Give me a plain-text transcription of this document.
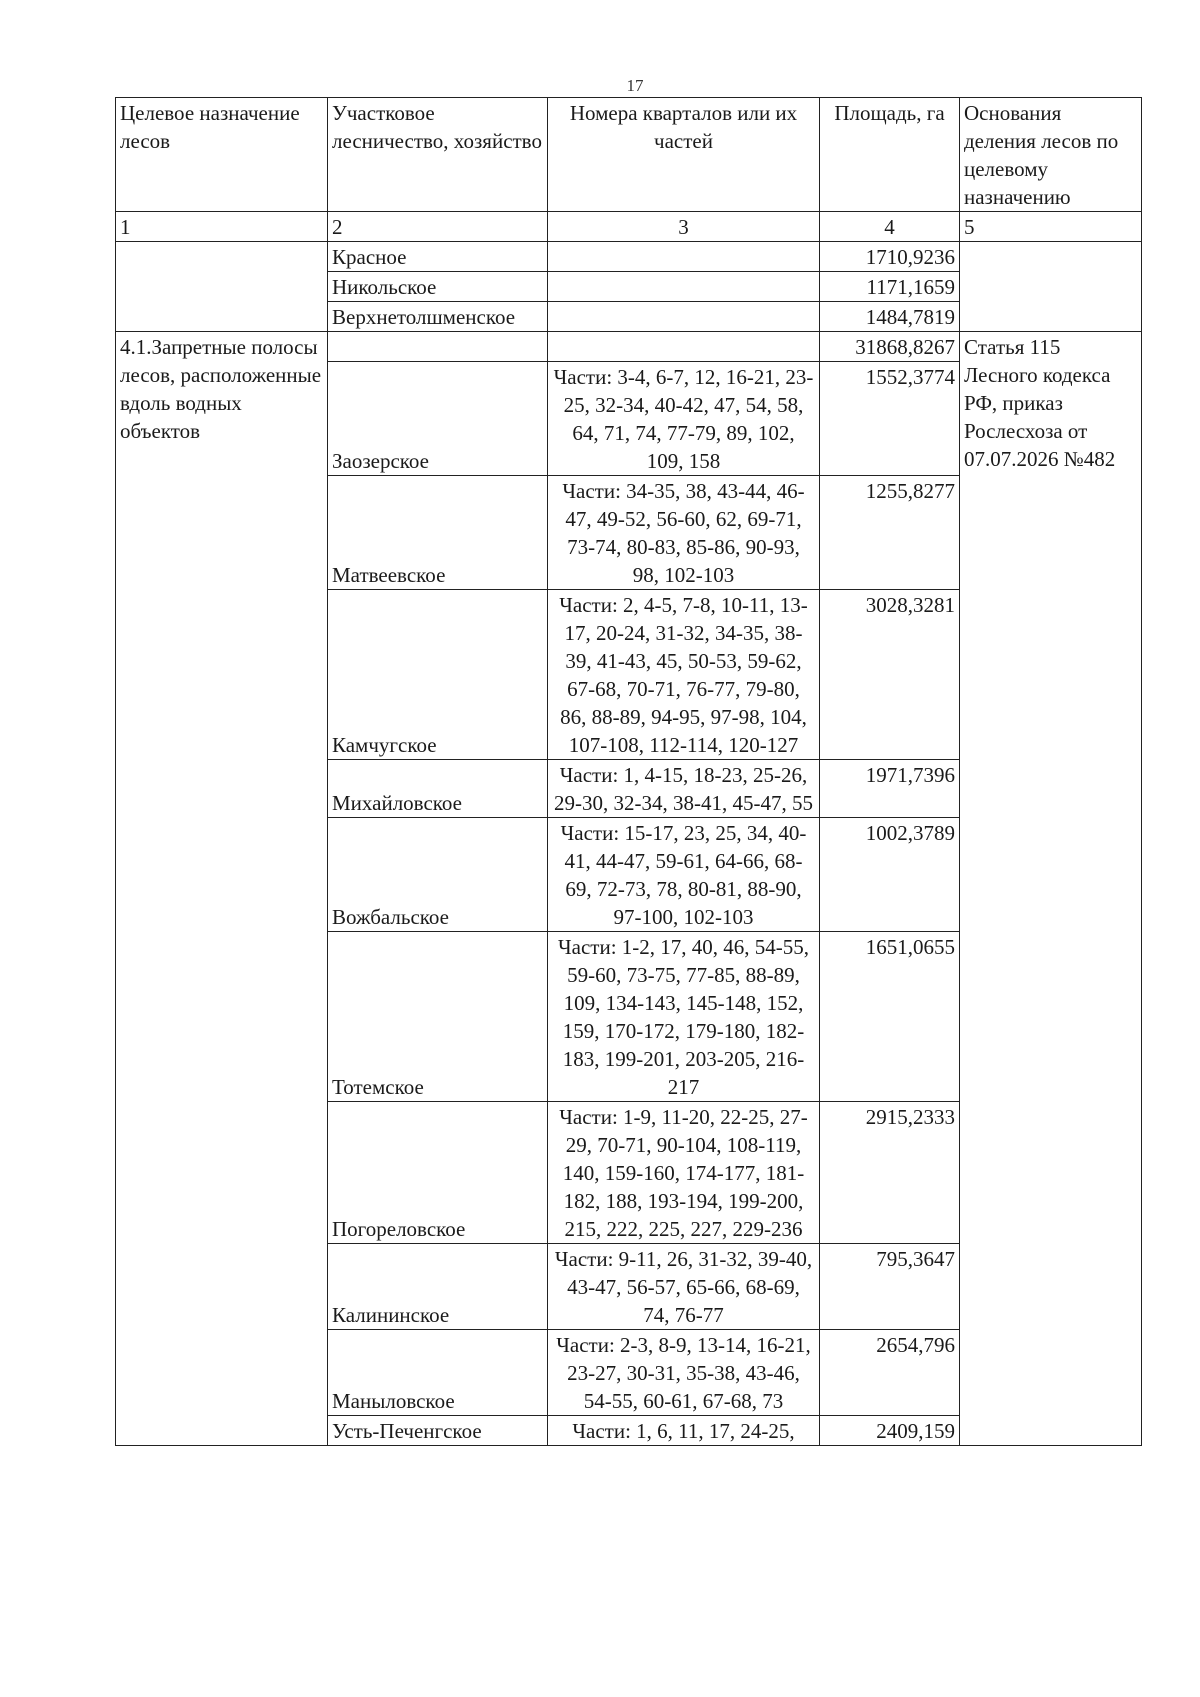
17
Целевое назначение лесов	Участковое лесничество, хозяйство	Номера кварталов или их частей	Площадь, га	Основания деления лесов по целевому назначению
1	2	3	4	5
	Красное		1710,9236	
	Никольское		1171,1659	
	Верхнетолшменское		1484,7819	
4.1.Запретные полосы лесов, расположенные вдоль водных объектов			31868,8267	Статья 115 Лесного кодекса РФ, приказ Рослесхоза от 07.07.2026 №482
	Заозерское	Части: 3-4, 6-7, 12, 16-21, 23-25, 32-34, 40-42, 47, 54, 58, 64, 71, 74, 77-79, 89, 102, 109, 158	1552,3774	
	Матвеевское	Части: 34-35, 38, 43-44, 46-47, 49-52, 56-60, 62, 69-71, 73-74, 80-83, 85-86, 90-93, 98, 102-103	1255,8277	
	Камчугское	Части: 2, 4-5, 7-8, 10-11, 13-17, 20-24, 31-32, 34-35, 38-39, 41-43, 45, 50-53, 59-62, 67-68, 70-71, 76-77, 79-80, 86, 88-89, 94-95, 97-98, 104, 107-108, 112-114, 120-127	3028,3281	
	Михайловское	Части: 1, 4-15, 18-23, 25-26, 29-30, 32-34, 38-41, 45-47, 55	1971,7396	
	Вожбальское	Части: 15-17, 23, 25, 34, 40-41, 44-47, 59-61, 64-66, 68-69, 72-73, 78, 80-81, 88-90, 97-100, 102-103	1002,3789	
	Тотемское	Части: 1-2, 17, 40, 46, 54-55, 59-60, 73-75, 77-85, 88-89, 109, 134-143, 145-148, 152, 159, 170-172, 179-180, 182-183, 199-201, 203-205, 216-217	1651,0655	
	Погореловское	Части: 1-9, 11-20, 22-25, 27-29, 70-71, 90-104, 108-119, 140, 159-160, 174-177, 181-182, 188, 193-194, 199-200, 215, 222, 225, 227, 229-236	2915,2333	
	Калининское	Части: 9-11, 26, 31-32, 39-40, 43-47, 56-57, 65-66, 68-69, 74, 76-77	795,3647	
	Маныловское	Части: 2-3, 8-9, 13-14, 16-21, 23-27, 30-31, 35-38, 43-46, 54-55, 60-61, 67-68, 73	2654,796	
	Усть-Печенгское	Части: 1, 6, 11, 17, 24-25,	2409,159	
